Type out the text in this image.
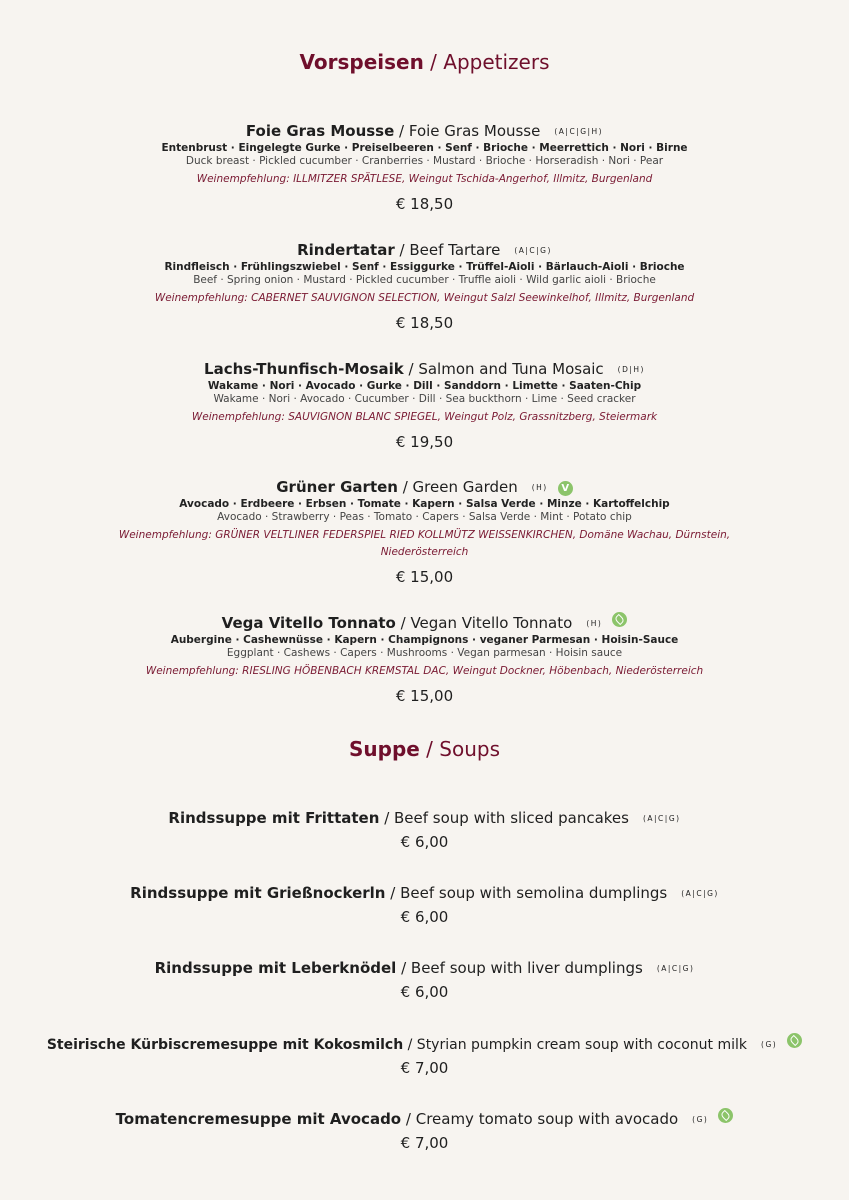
Vorspeisen / Appetizers
Foie Gras Mousse / Foie Gras Mousse (A|C|G|H)
Entenbrust · Eingelegte Gurke · Preiselbeeren · Senf · Brioche · Meerrettich · Nori · Birne
Duck breast · Pickled cucumber · Cranberries · Mustard · Brioche · Horseradish · Nori · Pear
Weinempfehlung: ILLMITZER SPÄTLESE, Weingut Tschida-Angerhof, Illmitz, Burgenland
€ 18,50
Rindertatar / Beef Tartare (A|C|G)
Rindfleisch · Frühlingszwiebel · Senf · Essiggurke · Trüffel-Aioli · Bärlauch-Aioli · Brioche
Beef · Spring onion · Mustard · Pickled cucumber · Truffle aioli · Wild garlic aioli · Brioche
Weinempfehlung: CABERNET SAUVIGNON SELECTION, Weingut Salzl Seewinkelhof, Illmitz, Burgenland
€ 18,50
Lachs-Thunfisch-Mosaik / Salmon and Tuna Mosaic (D|H)
Wakame · Nori · Avocado · Gurke · Dill · Sanddorn · Limette · Saaten-Chip
Wakame · Nori · Avocado · Cucumber · Dill · Sea buckthorn · Lime · Seed cracker
Weinempfehlung: SAUVIGNON BLANC SPIEGEL, Weingut Polz, Grassnitzberg, Steiermark
€ 19,50
Grüner Garten / Green Garden (H) V
Avocado · Erdbeere · Erbsen · Tomate · Kapern · Salsa Verde · Minze · Kartoffelchip
Avocado · Strawberry · Peas · Tomato · Capers · Salsa Verde · Mint · Potato chip
Weinempfehlung: GRÜNER VELTLINER FEDERSPIEL RIED KOLLMÜTZ WEISSENKIRCHEN, Domäne Wachau, Dürnstein, Niederösterreich
€ 15,00
Vega Vitello Tonnato / Vegan Vitello Tonnato (H)
Aubergine · Cashewnüsse · Kapern · Champignons · veganer Parmesan · Hoisin-Sauce
Eggplant · Cashews · Capers · Mushrooms · Vegan parmesan · Hoisin sauce
Weinempfehlung: RIESLING HÖBENBACH KREMSTAL DAC, Weingut Dockner, Höbenbach, Niederösterreich
€ 15,00
Suppe / Soups
Rindssuppe mit Frittaten / Beef soup with sliced pancakes (A|C|G)
€ 6,00
Rindssuppe mit Grießnockerln / Beef soup with semolina dumplings (A|C|G)
€ 6,00
Rindssuppe mit Leberknödel / Beef soup with liver dumplings (A|C|G)
€ 6,00
Steirische Kürbiscremesuppe mit Kokosmilch / Styrian pumpkin cream soup with coconut milk (G)
€ 7,00
Tomatencremesuppe mit Avocado / Creamy tomato soup with avocado (G)
€ 7,00
